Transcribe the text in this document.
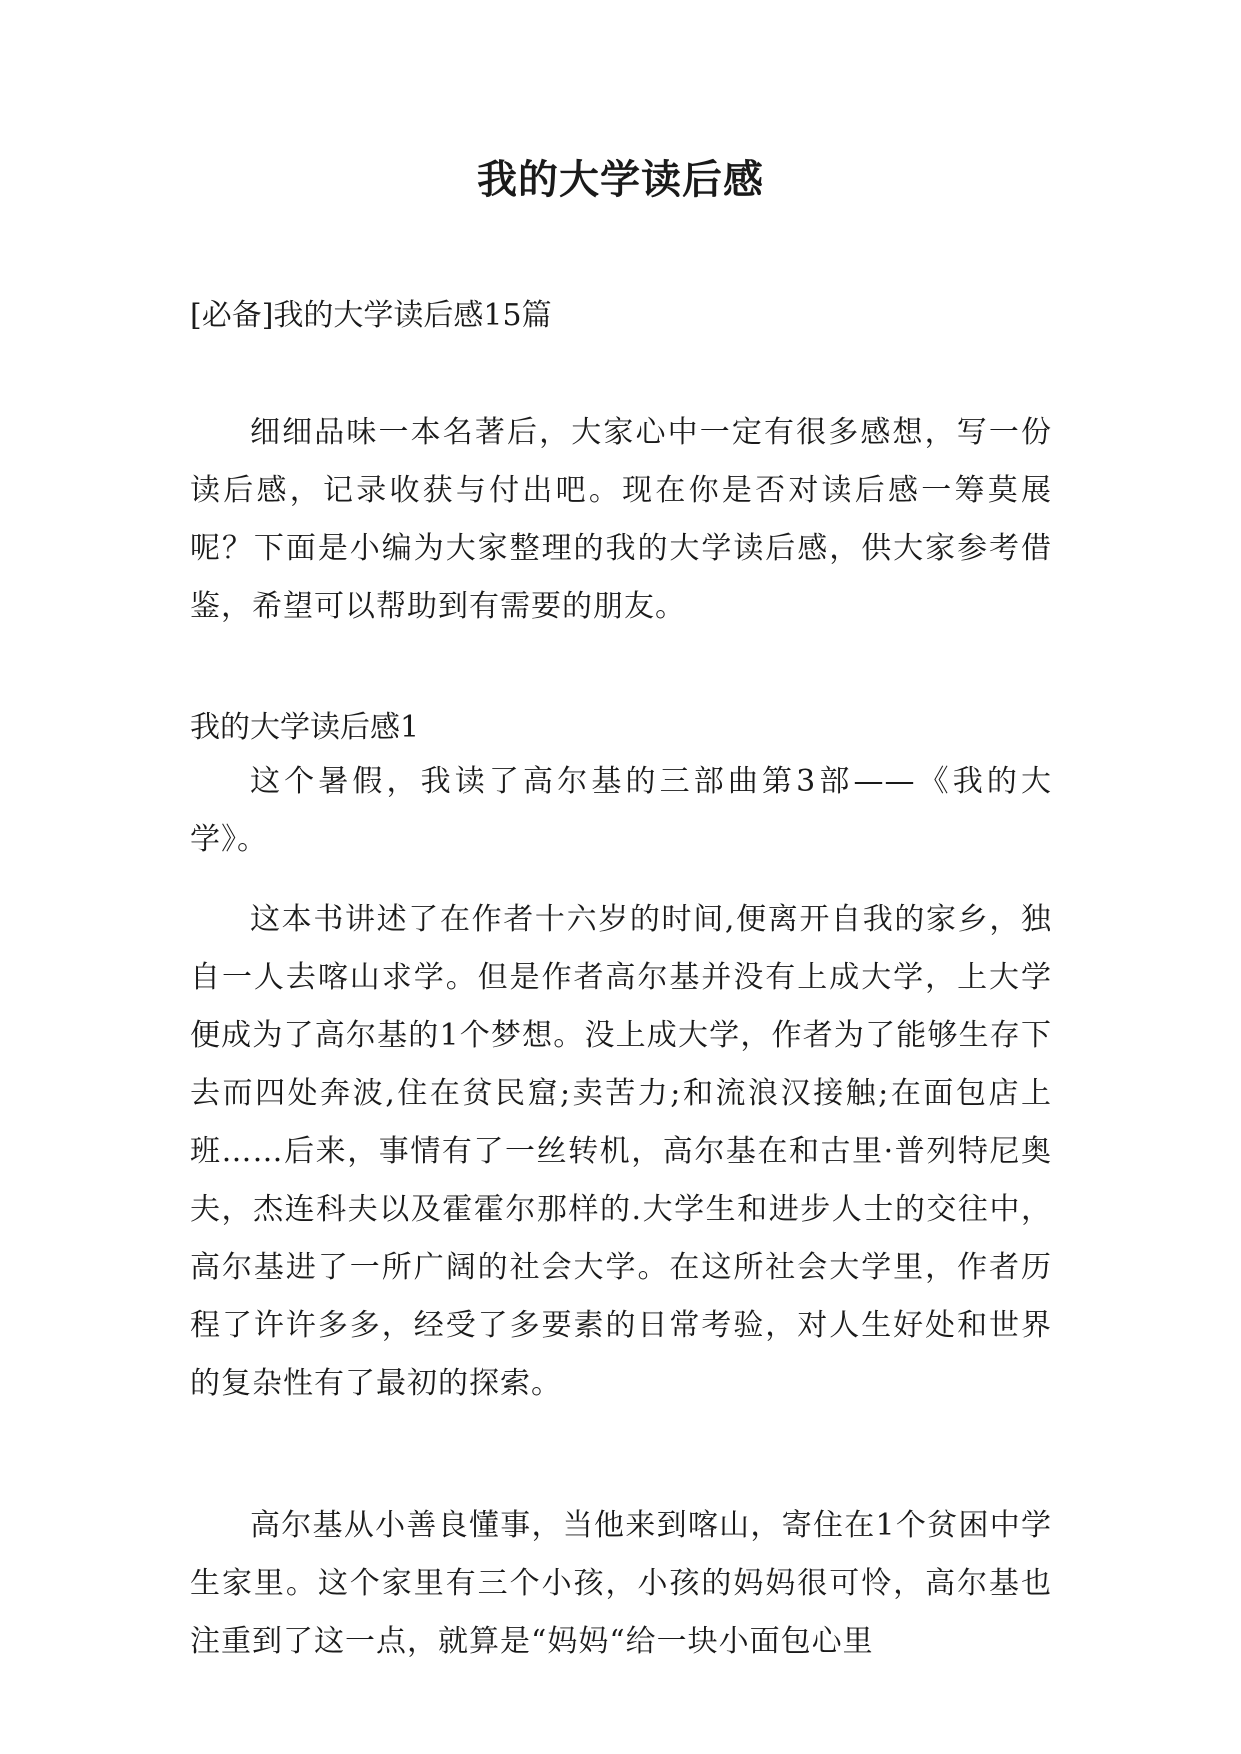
我的大学读后感
[必备]我的大学读后感15篇

细细品味一本名著后，大家心中一定有很多感想，写一份读后感，记录收获与付出吧。现在你是否对读后感一筹莫展呢？下面是小编为大家整理的我的大学读后感，供大家参考借鉴，希望可以帮助到有需要的朋友。

我的大学读后感1

这个暑假，我读了高尔基的三部曲第3部——《我的大学》。

这本书讲述了在作者十六岁的时间,便离开自我的家乡，独自一人去喀山求学。但是作者高尔基并没有上成大学，上大学便成为了高尔基的1个梦想。没上成大学，作者为了能够生存下去而四处奔波,住在贫民窟;卖苦力;和流浪汉接触;在面包店上班……后来，事情有了一丝转机，高尔基在和古里·普列特尼奥夫，杰连科夫以及霍霍尔那样的.大学生和进步人士的交往中，高尔基进了一所广阔的社会大学。在这所社会大学里，作者历程了许许多多，经受了多要素的日常考验，对人生好处和世界的复杂性有了最初的探索。

高尔基从小善良懂事，当他来到喀山，寄住在1个贫困中学生家里。这个家里有三个小孩，小孩的妈妈很可怜，高尔基也注重到了这一点，就算是“妈妈“给一块小面包心里
